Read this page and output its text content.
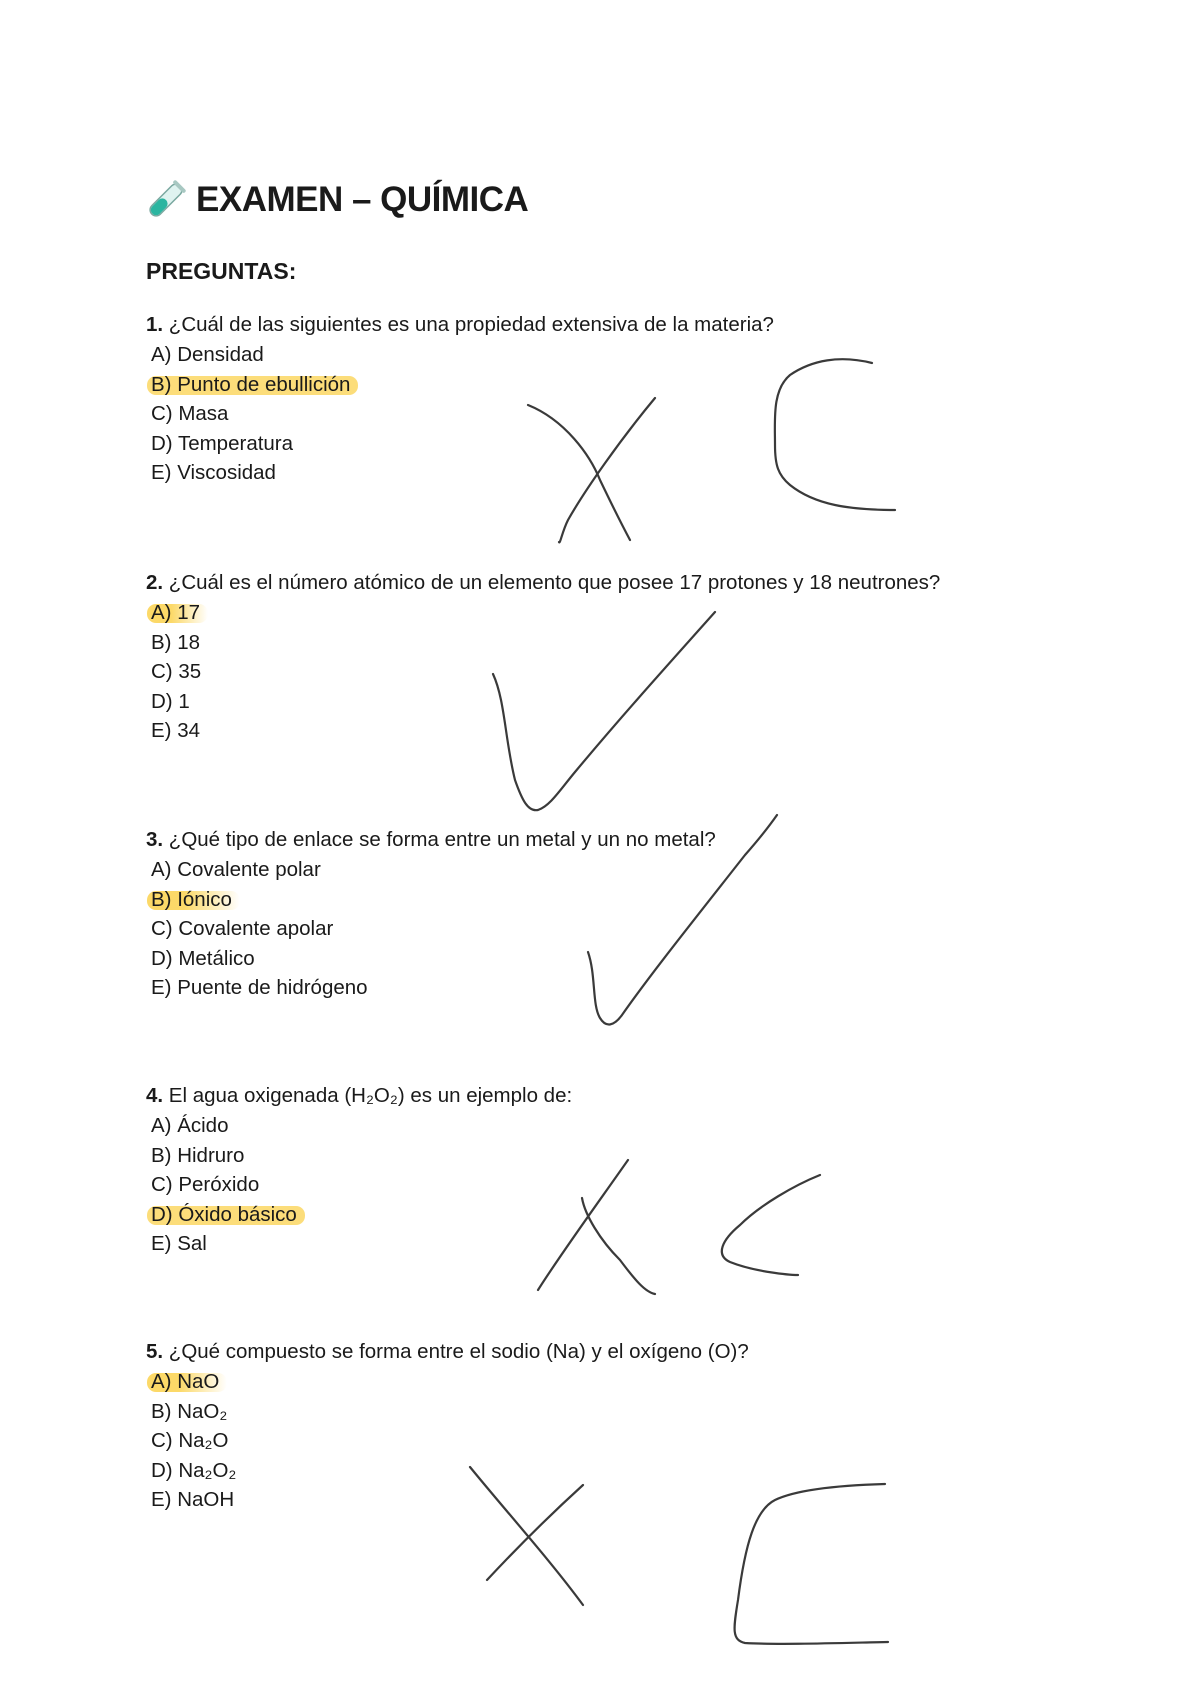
EXAMEN – QUÍMICA
PREGUNTAS:
1. ¿Cuál de las siguientes es una propiedad extensiva de la materia?
A) Densidad
B) Punto de ebullición
C) Masa
D) Temperatura
E) Viscosidad
2. ¿Cuál es el número atómico de un elemento que posee 17 protones y 18 neutrones?
A) 17
B) 18
C) 35
D) 1
E) 34
3. ¿Qué tipo de enlace se forma entre un metal y un no metal?
A) Covalente polar
B) Iónico
C) Covalente apolar
D) Metálico
E) Puente de hidrógeno
4. El agua oxigenada (H₂O₂) es un ejemplo de:
A) Ácido
B) Hidruro
C) Peróxido
D) Óxido básico
E) Sal
5. ¿Qué compuesto se forma entre el sodio (Na) y el oxígeno (O)?
A) NaO
B) NaO₂
C) Na₂O
D) Na₂O₂
E) NaOH
